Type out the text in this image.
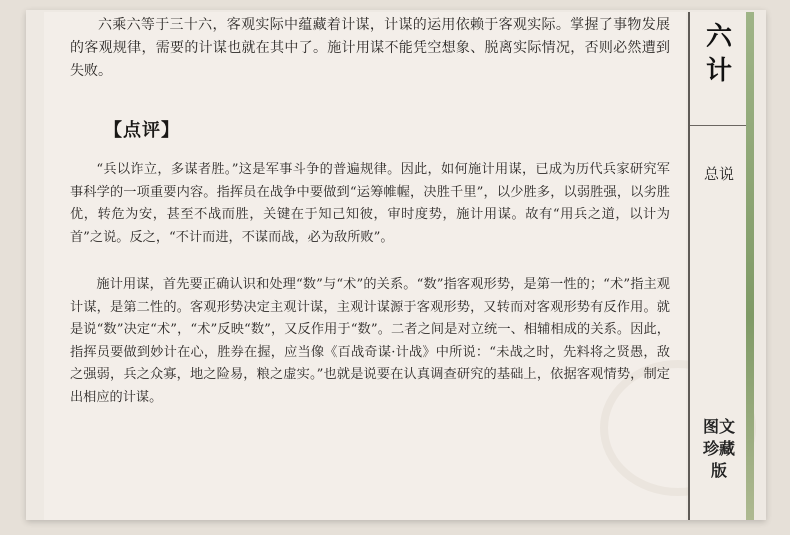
六乘六等于三十六，客观实际中蕴藏着计谋，计谋的运用依赖于客观实际。掌握了事物发展的客观规律，需要的计谋也就在其中了。施计用谋不能凭空想象、脱离实际情况，否则必然遭到失败。

【点评】

“兵以诈立，多谋者胜。”这是军事斗争的普遍规律。因此，如何施计用谋，已成为历代兵家研究军事科学的一项重要内容。指挥员在战争中要做到“运筹帷幄，决胜千里”，以少胜多，以弱胜强，以劣胜优，转危为安，甚至不战而胜，关键在于知己知彼，审时度势，施计用谋。故有“用兵之道，以计为首”之说。反之，“不计而进，不谋而战，必为敌所败”。

施计用谋，首先要正确认识和处理“数”与“术”的关系。“数”指客观形势，是第一性的；“术”指主观计谋，是第二性的。客观形势决定主观计谋，主观计谋源于客观形势，又转而对客观形势有反作用。就是说“数”决定“术”，“术”反映“数”，又反作用于“数”。二者之间是对立统一、相辅相成的关系。因此，指挥员要做到妙计在心，胜券在握，应当像《百战奇谋·计战》中所说：“未战之时，先料将之贤愚，敌之强弱，兵之众寡，地之险易，粮之虚实。”也就是说要在认真调查研究的基础上，依据客观情势，制定出相应的计谋。

六计
总说
图文珍藏版
